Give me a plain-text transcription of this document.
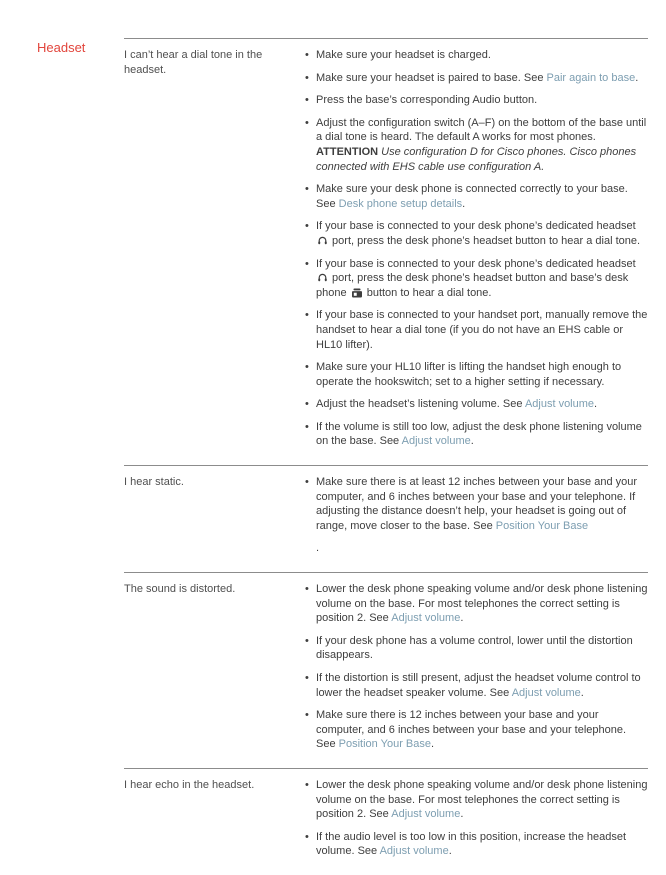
Headset	I can’t hear a dial tone in the headset.
• Make sure your headset is charged.
• Make sure your headset is paired to base. See Pair again to base.
• Press the base’s corresponding Audio button.
• Adjust the configuration switch (A–F) on the bottom of the base until a dial tone is heard. The default A works for most phones. ATTENTION Use configuration D for Cisco phones. Cisco phones connected with EHS cable use configuration A.
• Make sure your desk phone is connected correctly to your base. See Desk phone setup details.
• If your base is connected to your desk phone’s dedicated headset
port, press the desk phone’s headset button to hear a dial tone.
• If your base is connected to your desk phone’s dedicated headset
port, press the desk phone’s headset button and base’s desk phone
button to hear a dial tone.
• If your base is connected to your handset port, manually remove the handset to hear a dial tone (if you do not have an EHS cable or HL10 lifter).
• Make sure your HL10 lifter is lifting the handset high enough to operate the hookswitch; set to a higher setting if necessary.
• Adjust the headset’s listening volume. See Adjust volume.
• If the volume is still too low, adjust the desk phone listening volume on the base. See Adjust volume.
I hear static.	• Make sure there is at least 12 inches between your base and your computer, and 6 inches between your base and your telephone. If adjusting the distance doesn’t help, your headset is going out of range, move closer to the base. See Position Your Base
.
The sound is distorted.	• Lower the desk phone speaking volume and/or desk phone listening volume on the base. For most telephones the correct setting is position 2. See Adjust volume.
• If your desk phone has a volume control, lower until the distortion disappears.
• If the distortion is still present, adjust the headset volume control to lower the headset speaker volume. See Adjust volume.
• Make sure there is 12 inches between your base and your computer, and 6 inches between your base and your telephone. See Position Your Base.
I hear echo in the headset.	• Lower the desk phone speaking volume and/or desk phone listening volume on the base. For most telephones the correct setting is position 2. See Adjust volume.
• If the audio level is too low in this position, increase the headset volume. See Adjust volume.
